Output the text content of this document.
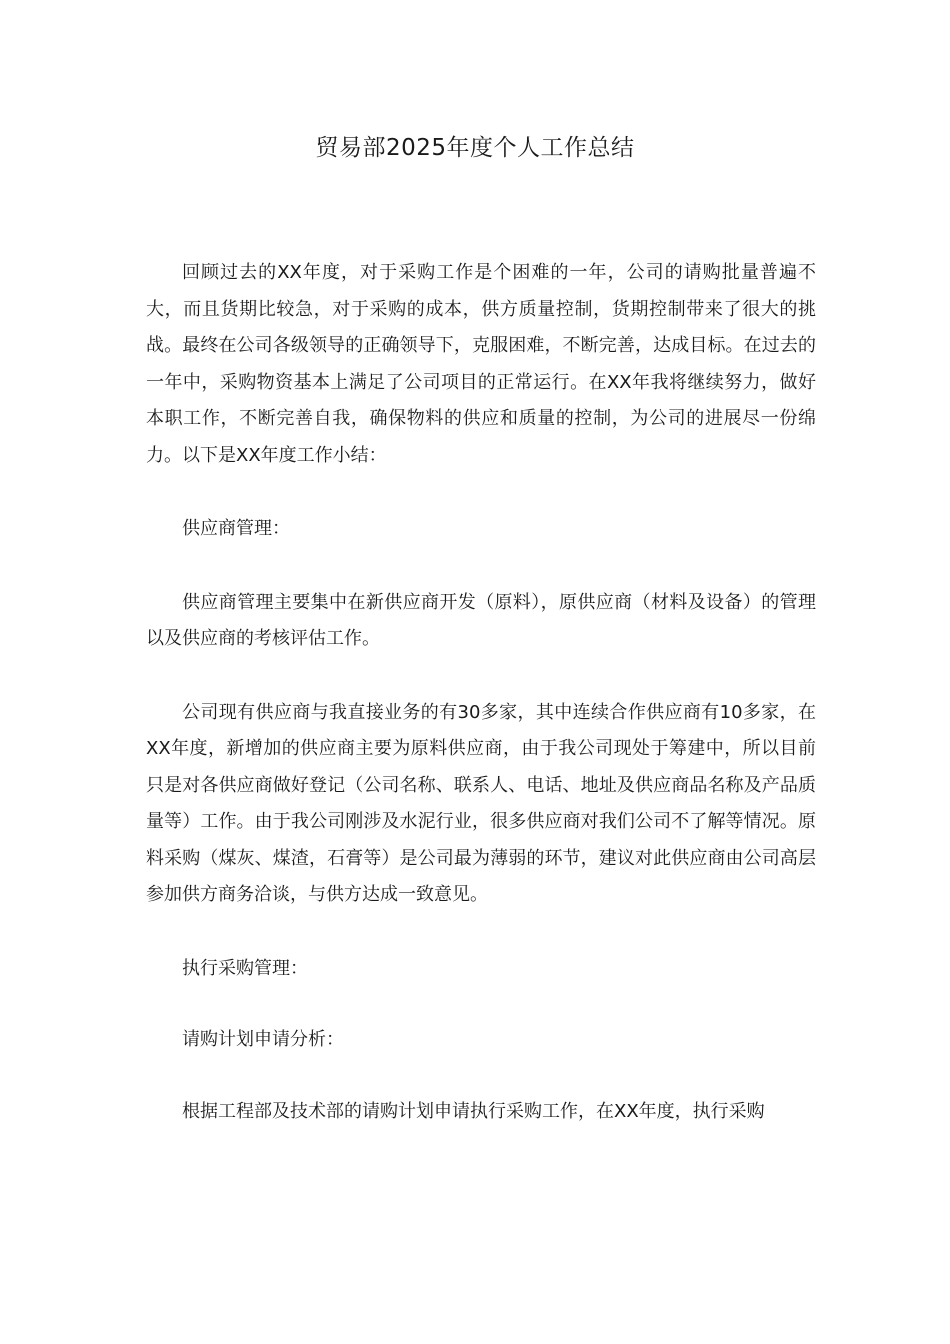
贸易部2025年度个人工作总结

回顾过去的XX年度，对于采购工作是个困难的一年，公司的请购批量普遍不大，而且货期比较急，对于采购的成本，供方质量控制，货期控制带来了很大的挑战。最终在公司各级领导的正确领导下，克服困难，不断完善，达成目标。在过去的一年中，采购物资基本上满足了公司项目的正常运行。在XX年我将继续努力，做好本职工作，不断完善自我，确保物料的供应和质量的控制，为公司的进展尽一份绵力。以下是XX年度工作小结：

供应商管理：

供应商管理主要集中在新供应商开发（原料），原供应商（材料及设备）的管理以及供应商的考核评估工作。

公司现有供应商与我直接业务的有30多家，其中连续合作供应商有10多家，在XX年度，新增加的供应商主要为原料供应商，由于我公司现处于筹建中，所以目前只是对各供应商做好登记（公司名称、联系人、电话、地址及供应商品名称及产品质量等）工作。由于我公司刚涉及水泥行业，很多供应商对我们公司不了解等情况。原料采购（煤灰、煤渣，石膏等）是公司最为薄弱的环节，建议对此供应商由公司高层参加供方商务洽谈，与供方达成一致意见。

执行采购管理：

请购计划申请分析：

根据工程部及技术部的请购计划申请执行采购工作，在XX年度，执行采购
